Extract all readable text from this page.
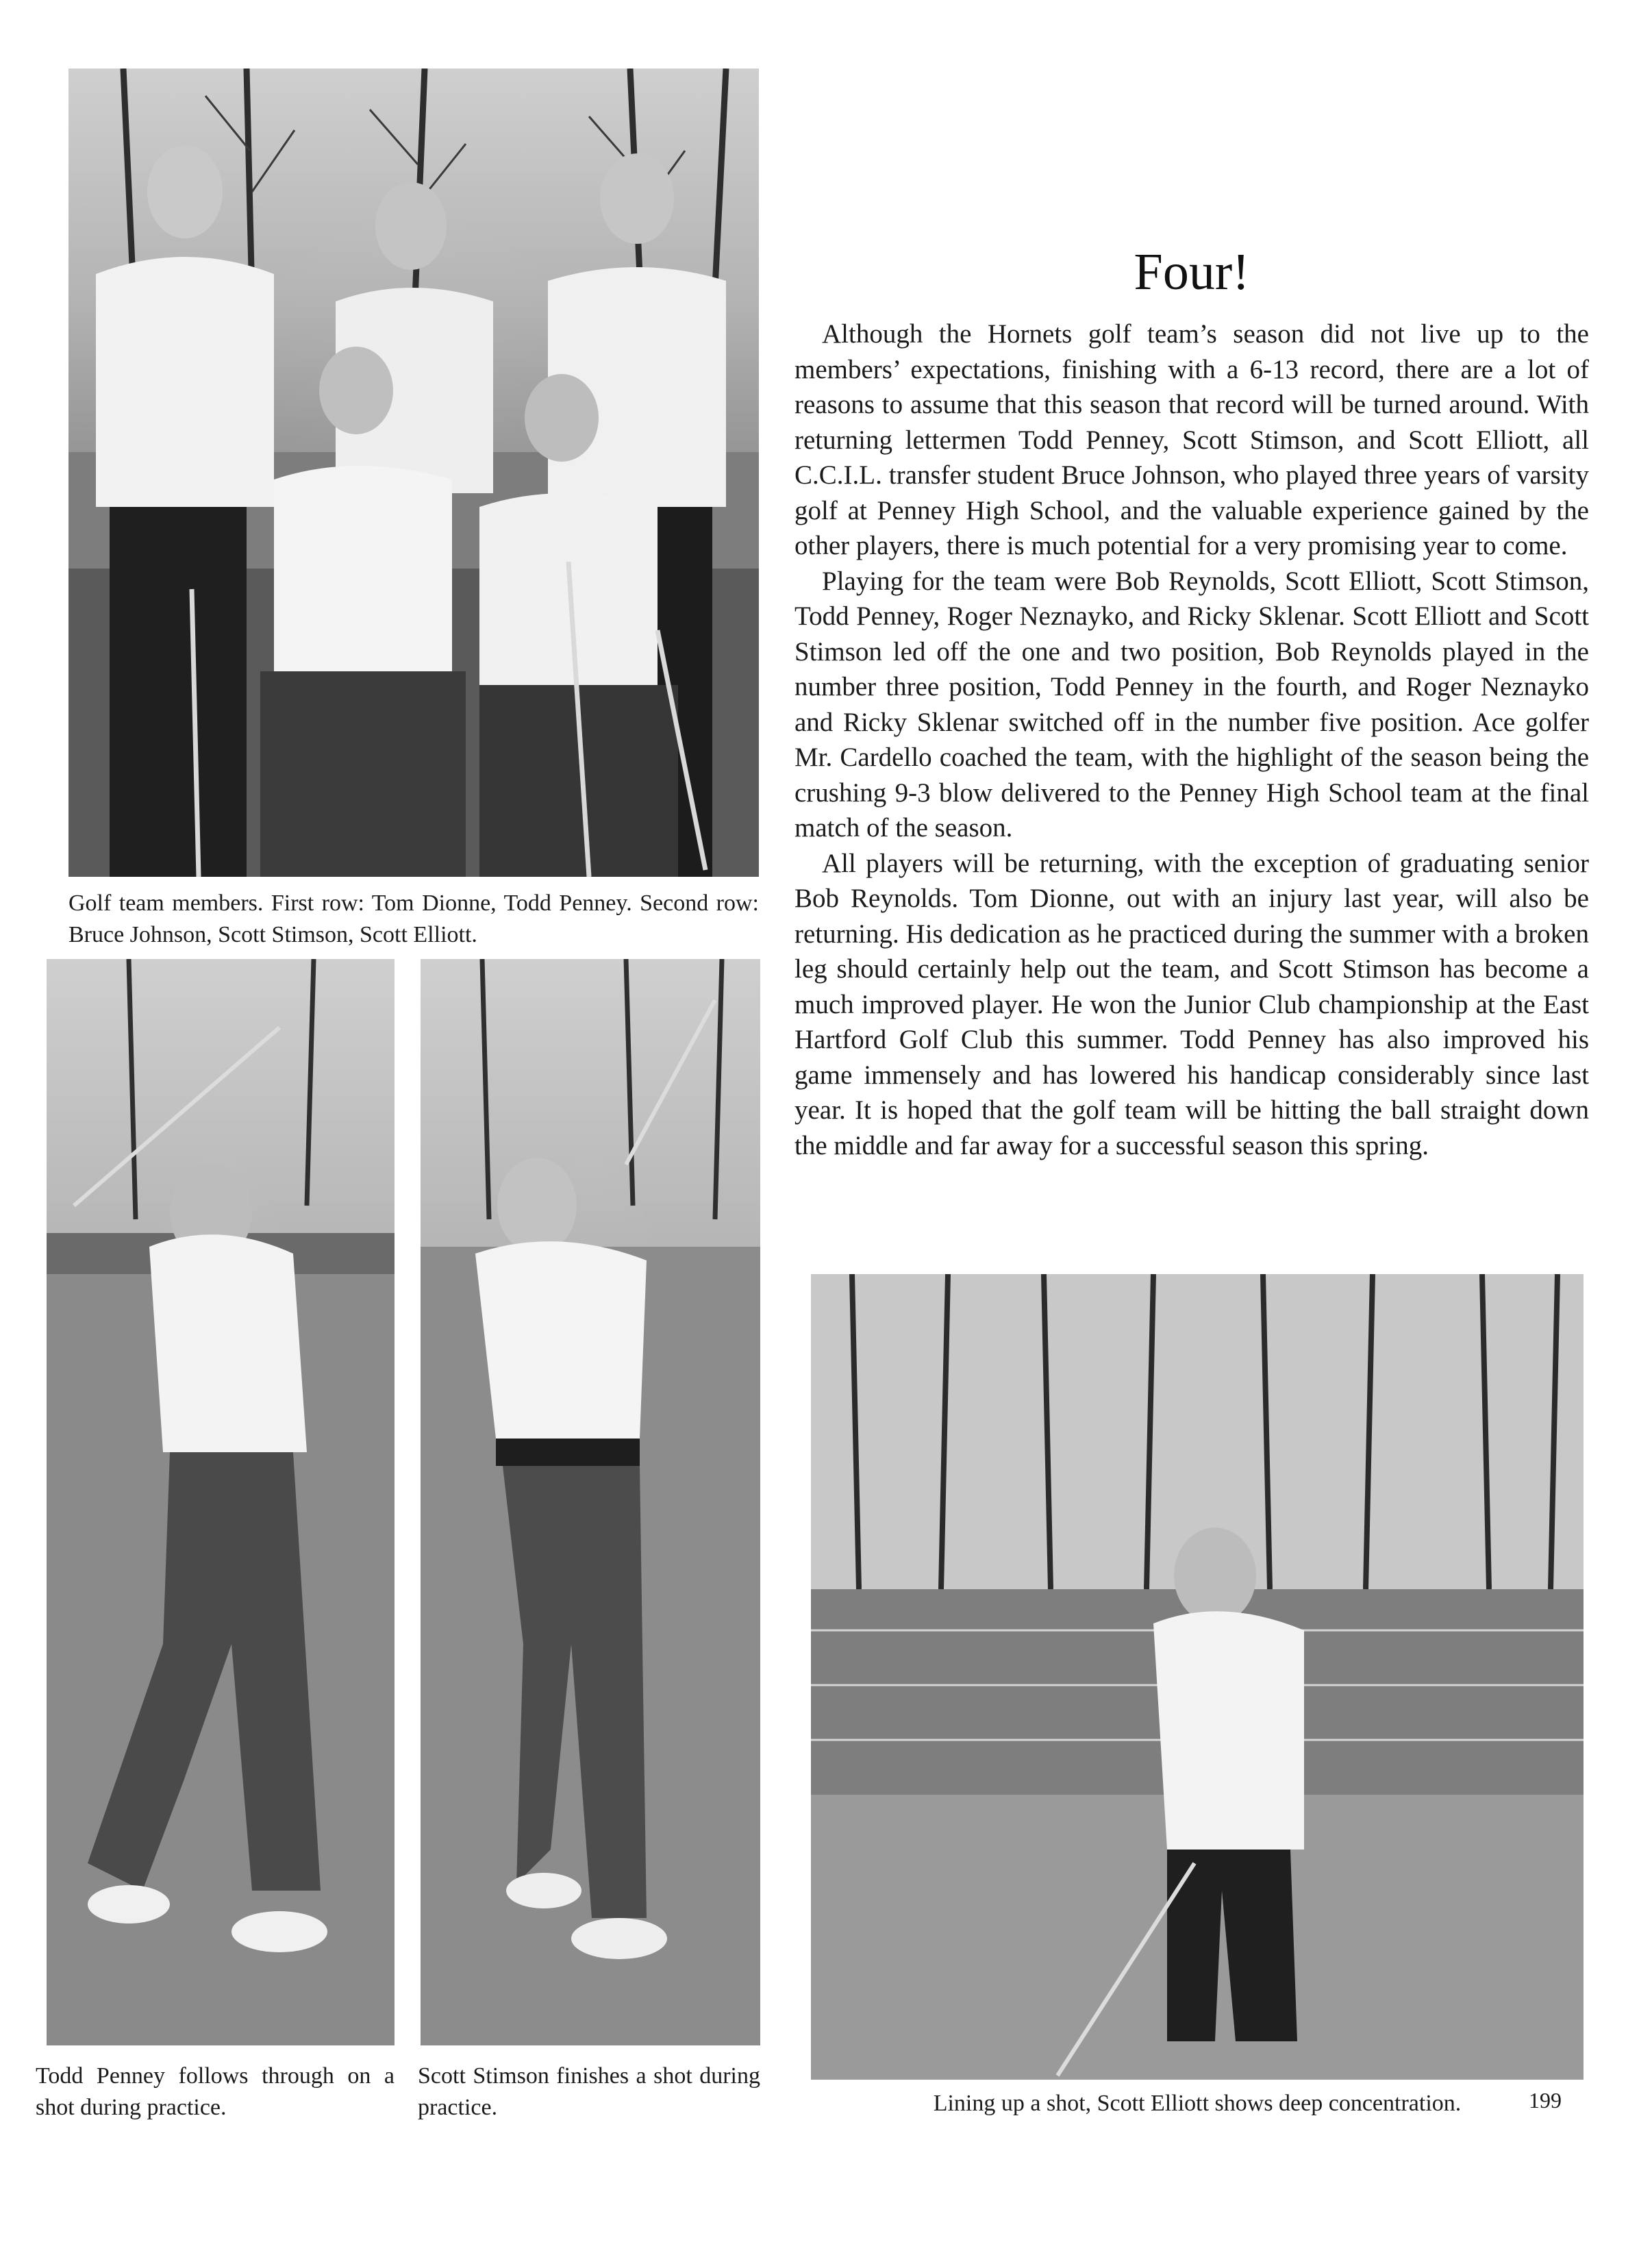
Golf team members. First row: Tom Dionne, Todd Penney. Second row: Bruce Johnson, Scott Stimson, Scott Elliott.
Todd Penney follows through on a shot during practice.
Scott Stimson finishes a shot during practice.	Lining up a shot, Scott Elliott shows deep concentration.
Four!

Although the Hornets golf team’s season did not live up to the members’ expectations, finishing with a 6-13 record, there are a lot of reasons to assume that this season that record will be turned around. With returning lettermen Todd Penney, Scott Stimson, and Scott Elliott, all C.C.I.L. transfer student Bruce Johnson, who played three years of varsity golf at Penney High School, and the valuable experience gained by the other players, there is much potential for a very promising year to come.

Playing for the team were Bob Reynolds, Scott Elliott, Scott Stimson, Todd Penney, Roger Neznayko, and Ricky Sklenar. Scott Elliott and Scott Stimson led off the one and two position, Bob Reynolds played in the number three position, Todd Penney in the fourth, and Roger Neznayko and Ricky Sklenar switched off in the number five position. Ace golfer Mr. Cardello coached the team, with the highlight of the season being the crushing 9-3 blow delivered to the Penney High School team at the final match of the season.

All players will be returning, with the exception of graduating senior Bob Reynolds. Tom Dionne, out with an injury last year, will also be returning. His dedication as he practiced during the summer with a broken leg should certainly help out the team, and Scott Stimson has become a much improved player. He won the Junior Club championship at the East Hartford Golf Club this summer. Todd Penney has also improved his game immensely and has lowered his handicap considerably since last year. It is hoped that the golf team will be hitting the ball straight down the middle and far away for a successful season this spring.

199
